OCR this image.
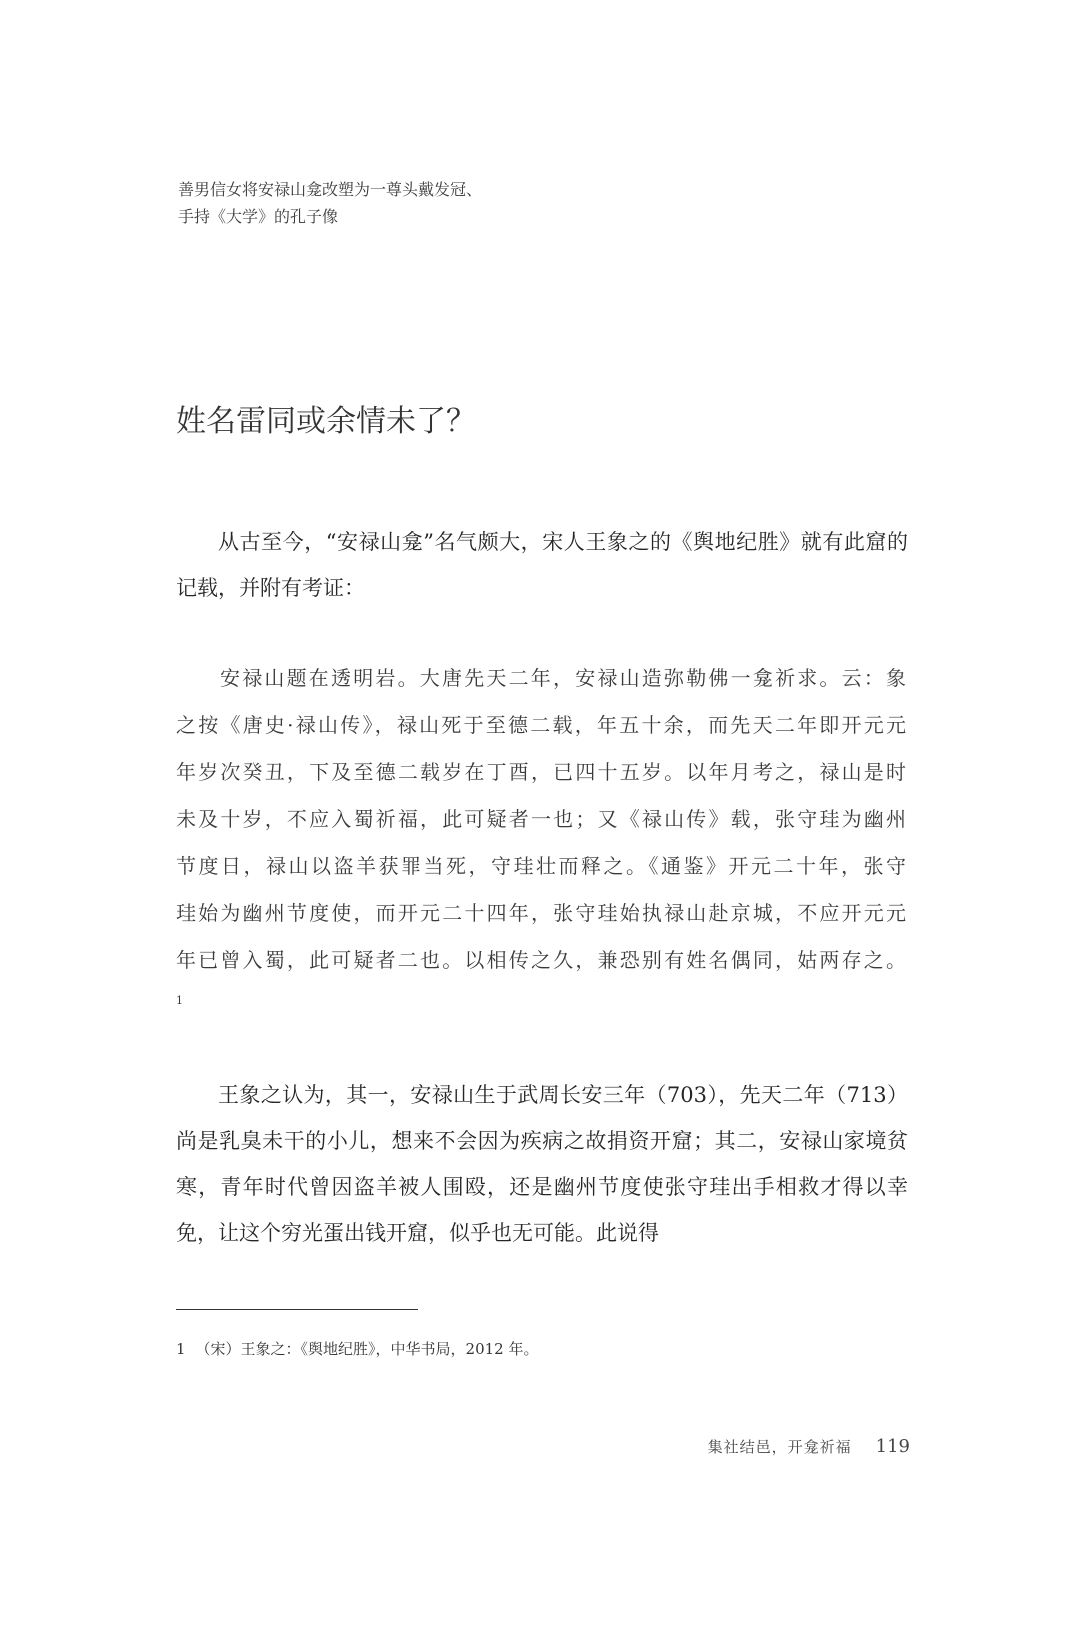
善男信女将安禄山龛改塑为一尊头戴发冠、
手持《大学》的孔子像
姓名雷同或余情未了？

从古至今，“安禄山龛”名气颇大，宋人王象之的《舆地纪胜》就有此窟的记载，并附有考证：

安禄山题在透明岩。大唐先天二年，安禄山造弥勒佛一龛祈求。云：象之按《唐史·禄山传》，禄山死于至德二载，年五十余，而先天二年即开元元年岁次癸丑，下及至德二载岁在丁酉，已四十五岁。以年月考之，禄山是时未及十岁，不应入蜀祈福，此可疑者一也；又《禄山传》载，张守珪为幽州节度日，禄山以盗羊获罪当死，守珪壮而释之。《通鉴》开元二十年，张守珪始为幽州节度使，而开元二十四年，张守珪始执禄山赴京城，不应开元元年已曾入蜀，此可疑者二也。以相传之久，兼恐别有姓名偶同，姑两存之。$^1$

王象之认为，其一，安禄山生于武周长安三年（703），先天二年（713）尚是乳臭未干的小儿，想来不会因为疾病之故捐资开窟；其二，安禄山家境贫寒，青年时代曾因盗羊被人围殴，还是幽州节度使张守珪出手相救才得以幸免，让这个穷光蛋出钱开窟，似乎也无可能。此说得

1 （宋）王象之：《舆地纪胜》，中华书局，2012 年。
集社结邑，开龛祈福 119
